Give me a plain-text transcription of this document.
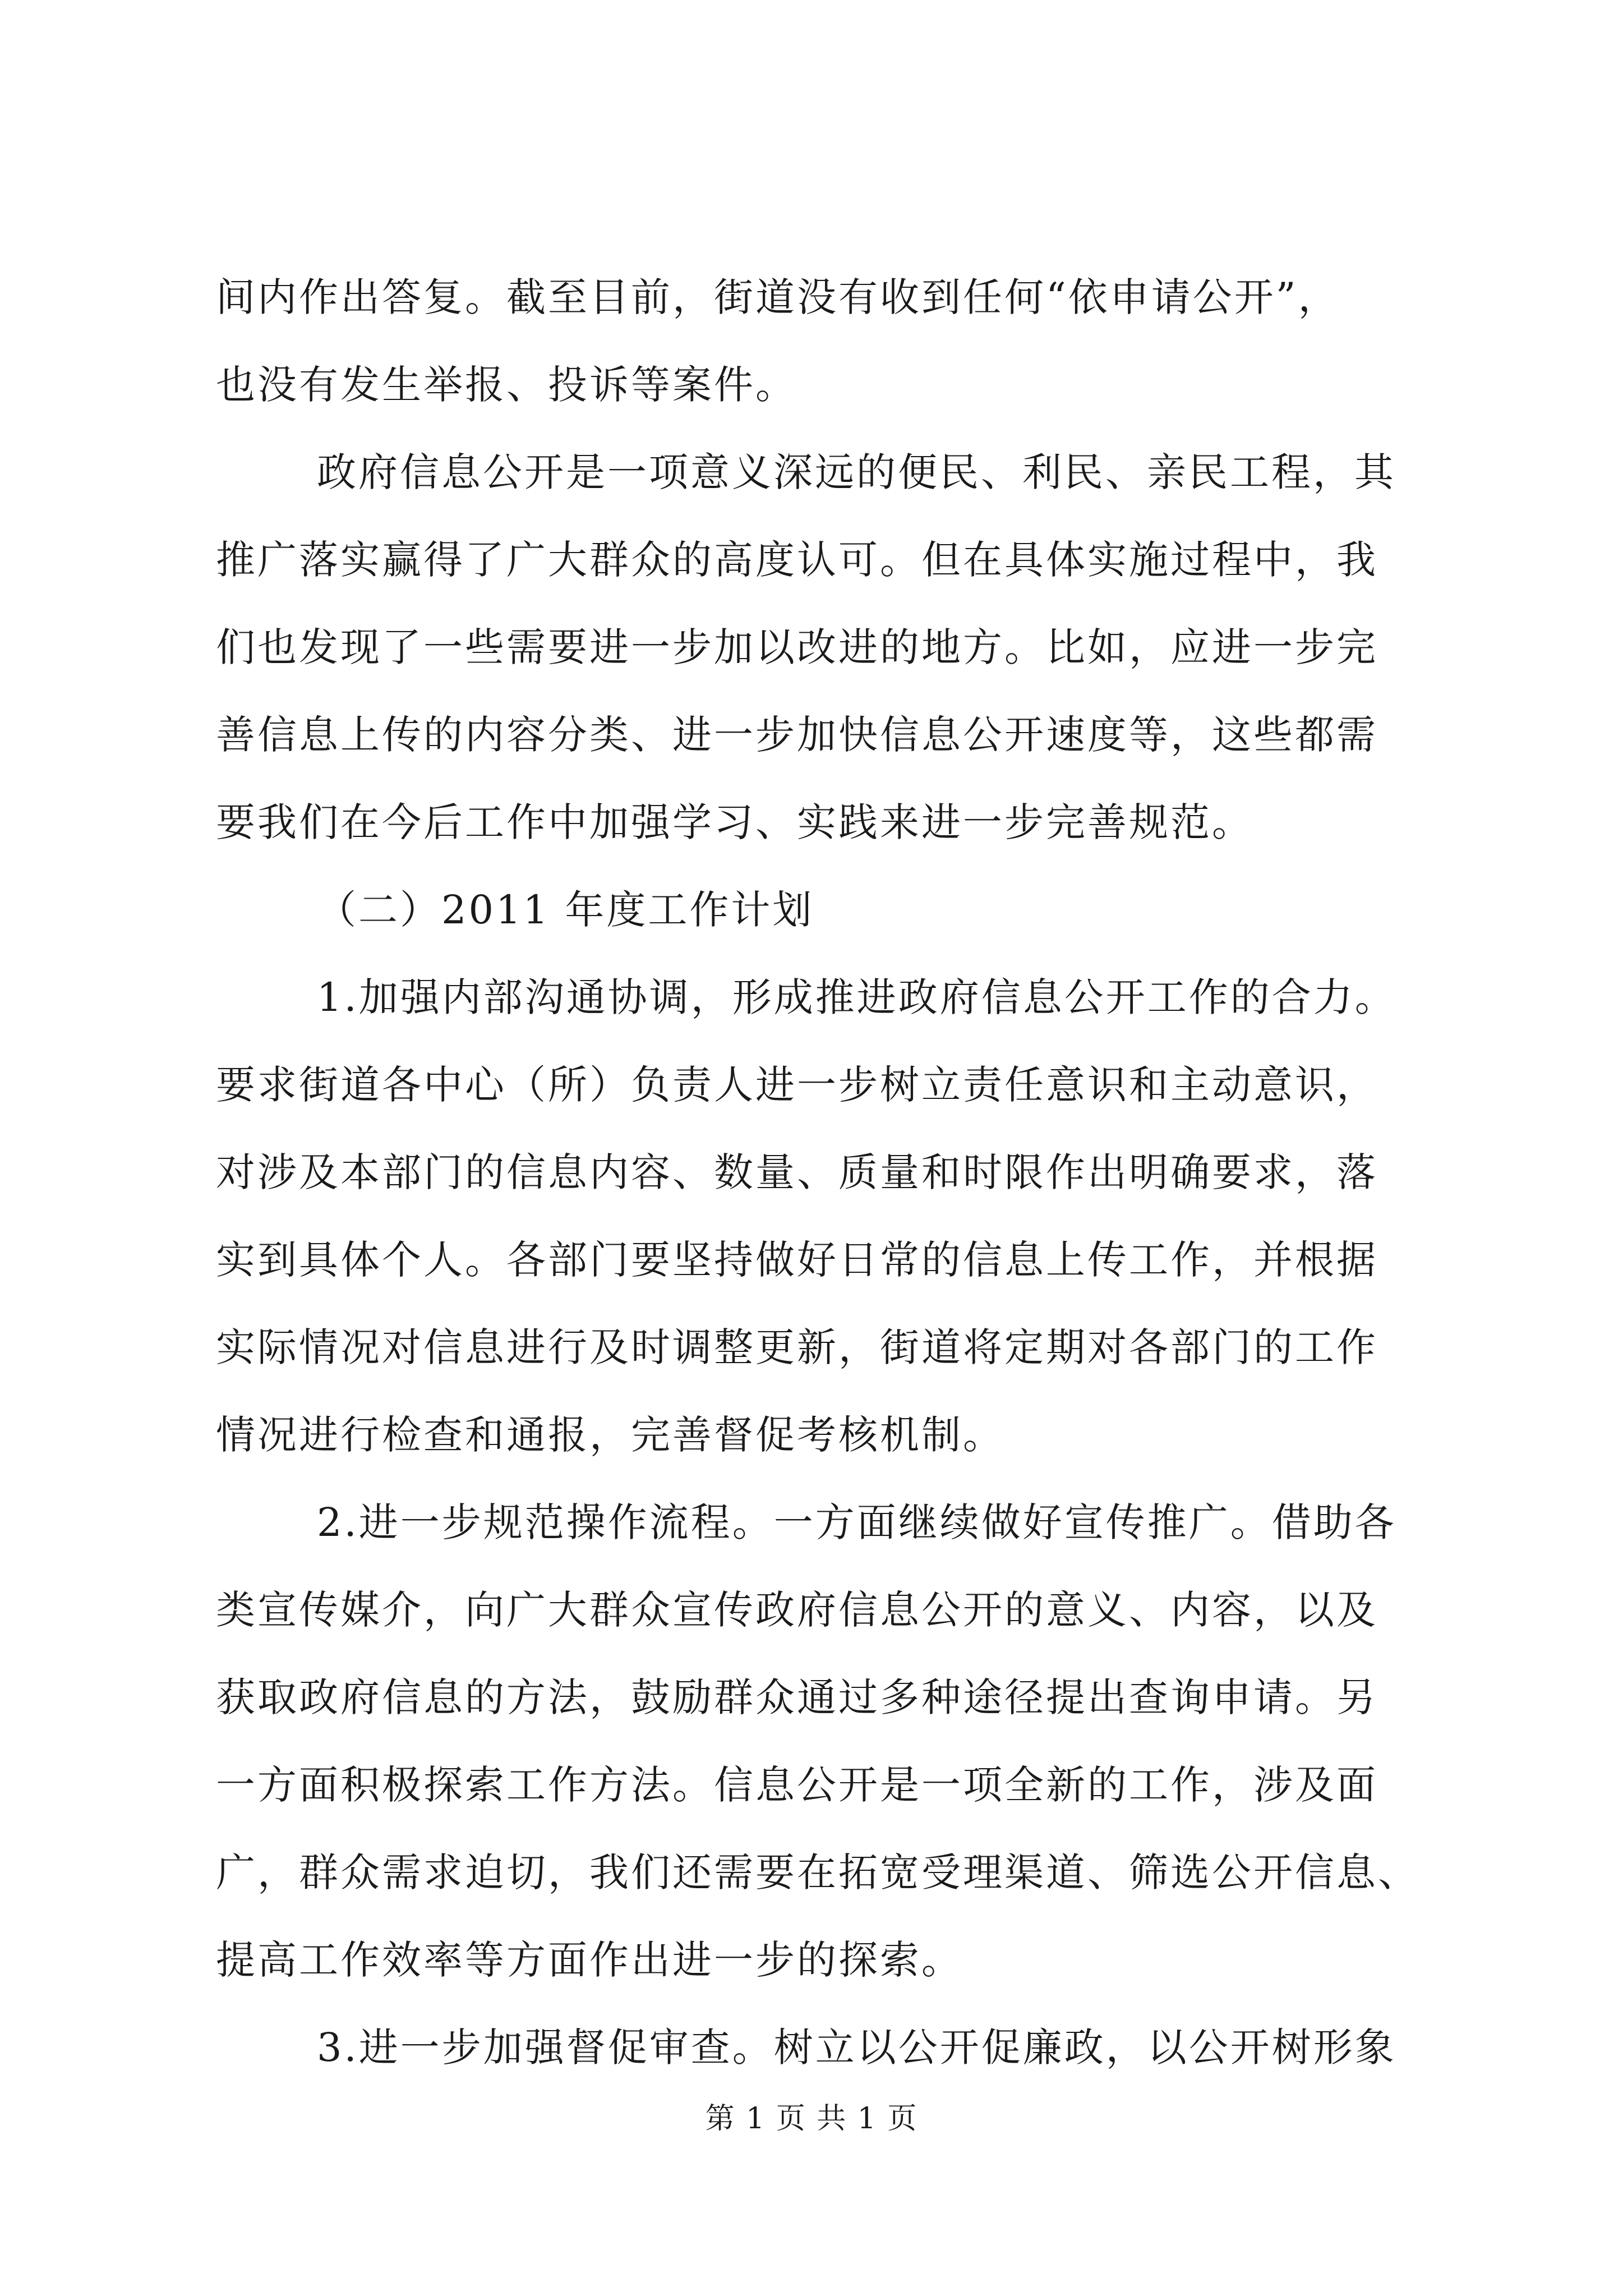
间内作出答复。截至目前，街道没有收到任何“依申请公开”，
也没有发生举报、投诉等案件。
政府信息公开是一项意义深远的便民、利民、亲民工程，其
推广落实赢得了广大群众的高度认可。但在具体实施过程中，我
们也发现了一些需要进一步加以改进的地方。比如，应进一步完
善信息上传的内容分类、进一步加快信息公开速度等，这些都需
要我们在今后工作中加强学习、实践来进一步完善规范。
（二）2011 年度工作计划
1.加强内部沟通协调，形成推进政府信息公开工作的合力。
要求街道各中心（所）负责人进一步树立责任意识和主动意识，
对涉及本部门的信息内容、数量、质量和时限作出明确要求，落
实到具体个人。各部门要坚持做好日常的信息上传工作，并根据
实际情况对信息进行及时调整更新，街道将定期对各部门的工作
情况进行检查和通报，完善督促考核机制。
2.进一步规范操作流程。一方面继续做好宣传推广。借助各
类宣传媒介，向广大群众宣传政府信息公开的意义、内容，以及
获取政府信息的方法，鼓励群众通过多种途径提出查询申请。另
一方面积极探索工作方法。信息公开是一项全新的工作，涉及面
广，群众需求迫切，我们还需要在拓宽受理渠道、筛选公开信息、
提高工作效率等方面作出进一步的探索。
3.进一步加强督促审查。树立以公开促廉政，以公开树形象
第 1 页 共 1 页
